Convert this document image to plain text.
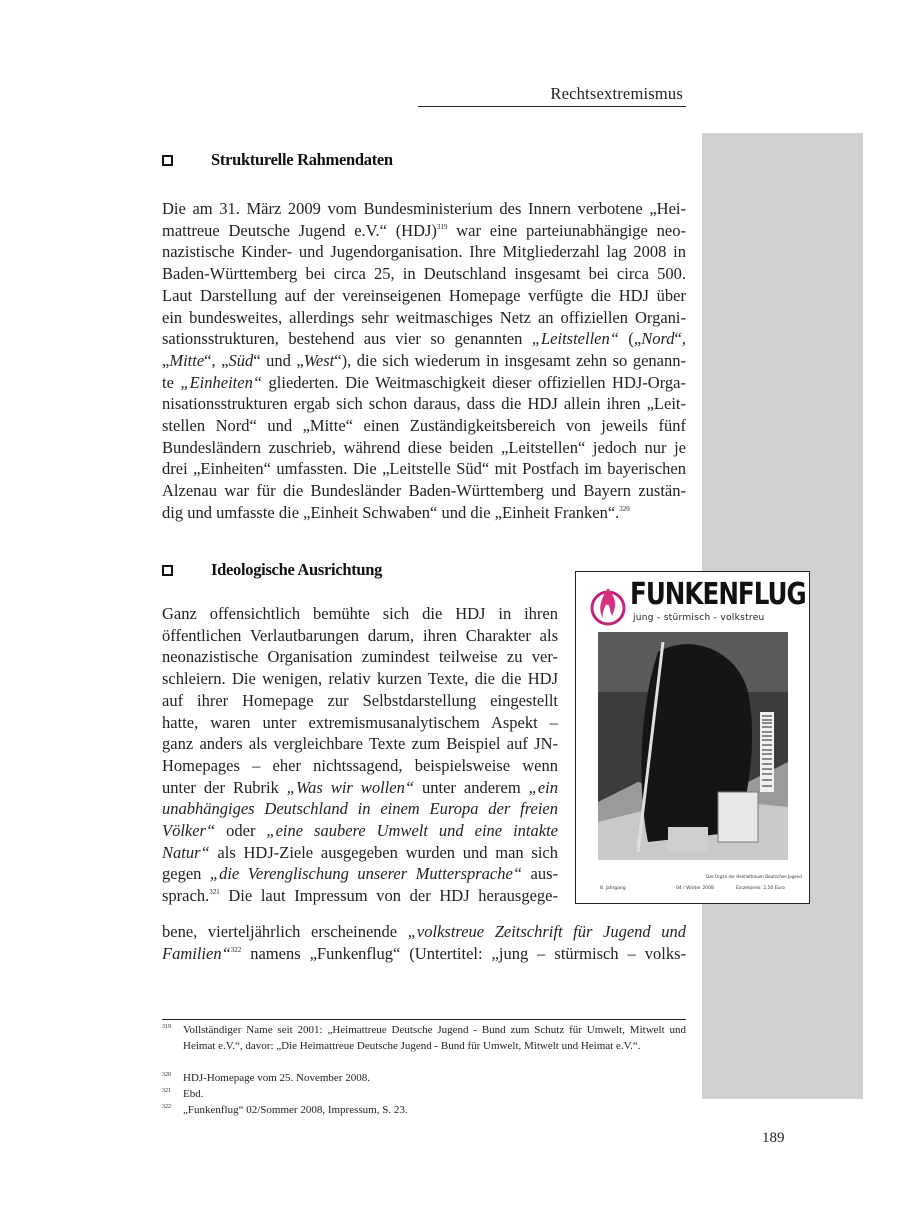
Rechtsextremismus
Strukturelle Rahmendaten

Die am 31. März 2009 vom Bundesministerium des Innern verbotene „Hei-
mattreue Deutsche Jugend e.V.“ (HDJ)$^{319}$ war eine parteiunabhängige neo-
nazistische Kinder- und Jugendorganisation. Ihre Mitgliederzahl lag 2008 in
Baden-Württemberg bei circa 25, in Deutschland insgesamt bei circa 500.
Laut Darstellung auf der vereinseigenen Homepage verfügte die HDJ über
ein bundesweites, allerdings sehr weitmaschiges Netz an offiziellen Organi-
sationsstrukturen, bestehend aus vier so genannten „Leitstellen“ („Nord“,
„Mitte“, „Süd“ und „West“), die sich wiederum in insgesamt zehn so genann-
te „Einheiten“ gliederten. Die Weitmaschigkeit dieser offiziellen HDJ-Orga-
nisationsstrukturen ergab sich schon daraus, dass die HDJ allein ihren „Leit-
stellen Nord“ und „Mitte“ einen Zuständigkeitsbereich von jeweils fünf
Bundesländern zuschrieb, während diese beiden „Leitstellen“ jedoch nur je
drei „Einheiten“ umfassten. Die „Leitstelle Süd“ mit Postfach im bayerischen
Alzenau war für die Bundesländer Baden-Württemberg und Bayern zustän-
dig und umfasste die „Einheit Schwaben“ und die „Einheit Franken“.$^{320}$

Ideologische Ausrichtung

Ganz offensichtlich bemühte sich die HDJ in ihren
öffentlichen Verlautbarungen darum, ihren Charakter als
neonazistische Organisation zumindest teilweise zu ver-
schleiern. Die wenigen, relativ kurzen Texte, die die HDJ
auf ihrer Homepage zur Selbstdarstellung eingestellt
hatte, waren unter extremismusanalytischem Aspekt –
ganz anders als vergleichbare Texte zum Beispiel auf JN-
Homepages – eher nichtssagend, beispielsweise wenn
unter der Rubrik „Was wir wollen“ unter anderem „ein
unabhängiges Deutschland in einem Europa der freien
Völker“ oder „eine saubere Umwelt und eine intakte
Natur“ als HDJ-Ziele ausgegeben wurden und man sich
gegen „die Verenglischung unserer Muttersprache“ aus-
sprach.$^{321}$ Die laut Impressum von der HDJ herausgege-

bene, vierteljährlich erscheinende „volkstreue Zeitschrift für Jugend und
Familien“$^{322}$ namens „Funkenflug“ (Untertitel: „jung – stürmisch – volks-

FUNKENFLUG
jung - stürmisch - volkstreu
Das Organ der Heimattreuen Deutschen Jugend
8. Jahrgang	04 / Winter 2008	Einzelpreis: 2,50 Euro
319 Vollständiger Name seit 2001: „Heimattreue Deutsche Jugend - Bund zum Schutz für Umwelt, Mitwelt und Heimat e.V.“, davor: „Die Heimattreue Deutsche Jugend - Bund für Umwelt, Mitwelt und Heimat e.V.“.
320 HDJ-Homepage vom 25. November 2008.
321 Ebd.
322 „Funkenflug“ 02/Sommer 2008, Impressum, S. 23.
189
